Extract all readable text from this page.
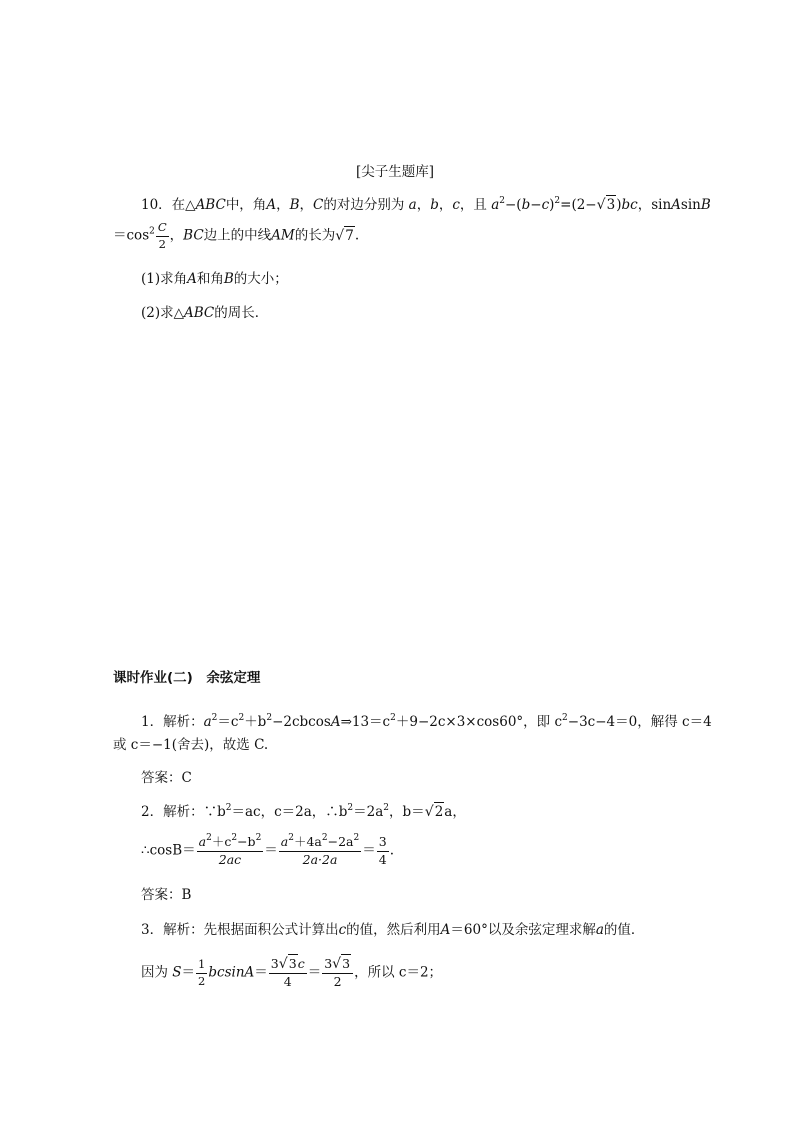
[尖子生题库]
10．在△ABC中，角A，B，C的对边分别为 a，b，c，且 $a^2-(b-c)^2=(2-√$ 3)bc，sinAsinB
$=\cos^2 \frac{C}{2}$ ，BC边上的中线AM的长为√ 7.
(1)求角A和角B的大小；
(2)求△ABC的周长．
课时作业(二)　余弦定理
1．解析：$a^2=c^2+b^2-2cbcosA\Rightarrow 13=c^2+9-2c\times 3\times\cos 60^\circ$，即 $c^2-3c-4=0$，解得 c＝4
或 c＝−1(舍去)，故选 C.
答案：C
2．解析：$\because b^2=ac$，c＝2a，$\therefore b^2=2a^2$，b＝√ 2a，
∴cosB＝ $\frac{a^2+c^2-b^2}{2ac} = \frac{a^2+4a^2-2a^2}{2a\cdot 2a} = \frac{3}{4}$ .
答案：B
3．解析：先根据面积公式计算出c的值，然后利用A＝60°以及余弦定理求解a的值．
因为 $S= \frac{1}{2} bcsinA= \frac{3√ 3c}{4} = \frac{3√ 3}{2}$ ，所以 c＝2；
